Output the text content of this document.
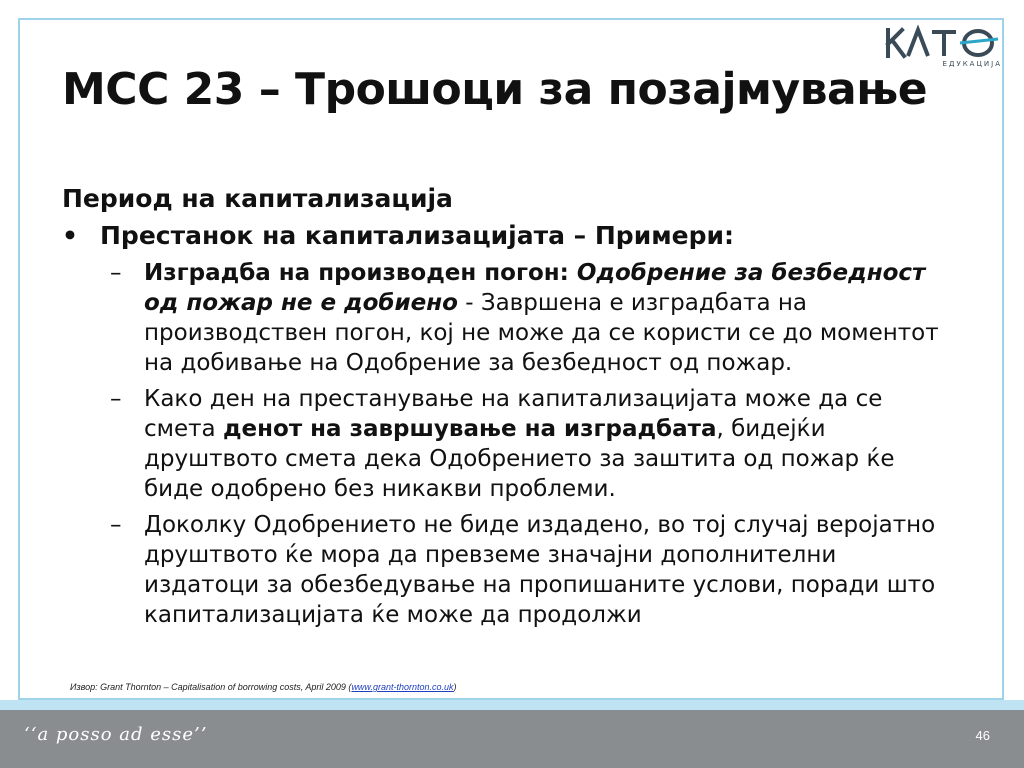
ЕДУКАЦИЈА
МСС 23 – Трошоци за позајмување
Период на капитализација
• Престанок на капитализацијата – Примери:
– Изградба на производен погон: Одобрение за безбедност од пожар не е добиено - Завршена е изградбата на производствен погон, кој не може да се користи се до моментот на добивање на Одобрение за безбедност од пожар.
– Како ден на престанување на капитализацијата може да се смета денот на завршување на изградбата, бидејќи друштвото смета дека Одобрението за заштита од пожар ќе биде одобрено без никакви проблеми.
– Доколку Одобрението не биде издадено, во тој случај веројатно друштвото ќе мора да превземе значајни дополнителни издатоци за обезбедување на пропишаните услови, поради што капитализацијата ќе може да продолжи
Извор: Grant Thornton – Capitalisation of borrowing costs, April 2009 (www.grant-thornton.co.uk)
‘‘a posso ad esse’’	46
